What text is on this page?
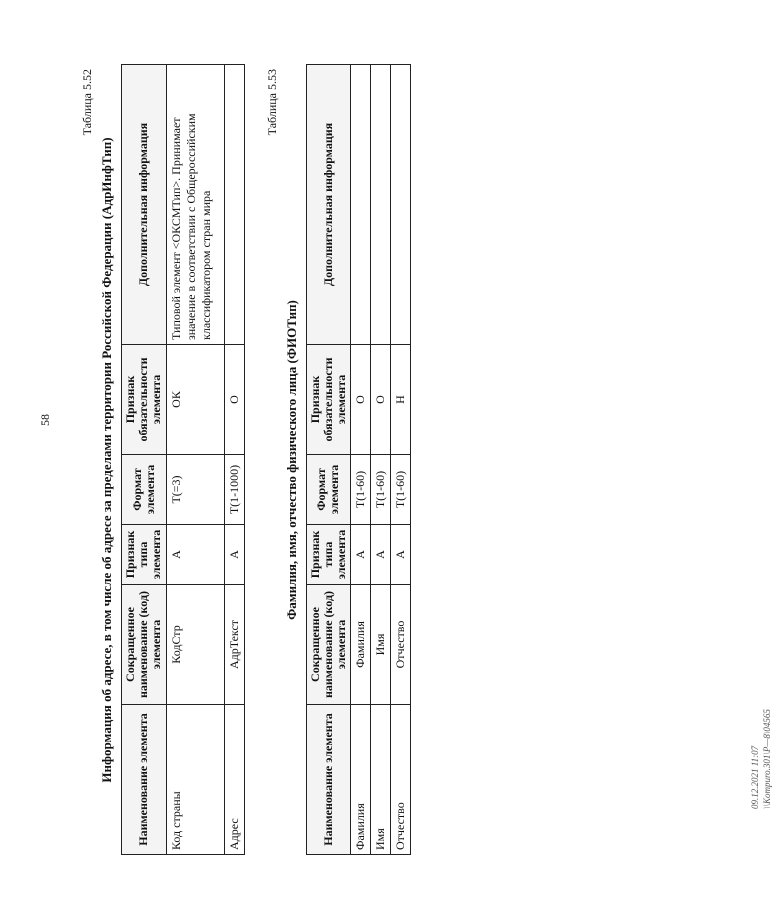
58
Таблица 5.52
Информация об адресе, в том числе об адресе за пределами территории Российской Федерации (АдрИнфТип) Наименование элемента	Сокращенное наименование (код) элемента	Признак типа элемента	Формат элемента	Признак обязательности элемента	Дополнительная информация
Код страны	КодСтр	А	Т(=3)	ОК	Типовой элемент <ОКСМТип>. Принимает значение в соответствии с Общероссийским классификатором стран мира
Адрес	АдрТекст	А	Т(1-1000)	О	
Таблица 5.53
Фамилия, имя, отчество физического лица (ФИОТип)
Наименование элемента	Сокращенное наименование (код) элемента	Признак типа элемента	Формат элемента	Признак обязательности элемента	Дополнительная информация
Фамилия	Фамилия	А	Т(1-60)	О	
Имя	Имя	А	Т(1-60)	О	
Отчество	Отчество	А	Т(1-60)	Н	
09.12.2021 11:07 \\Kompuro.301\P—8\04565
